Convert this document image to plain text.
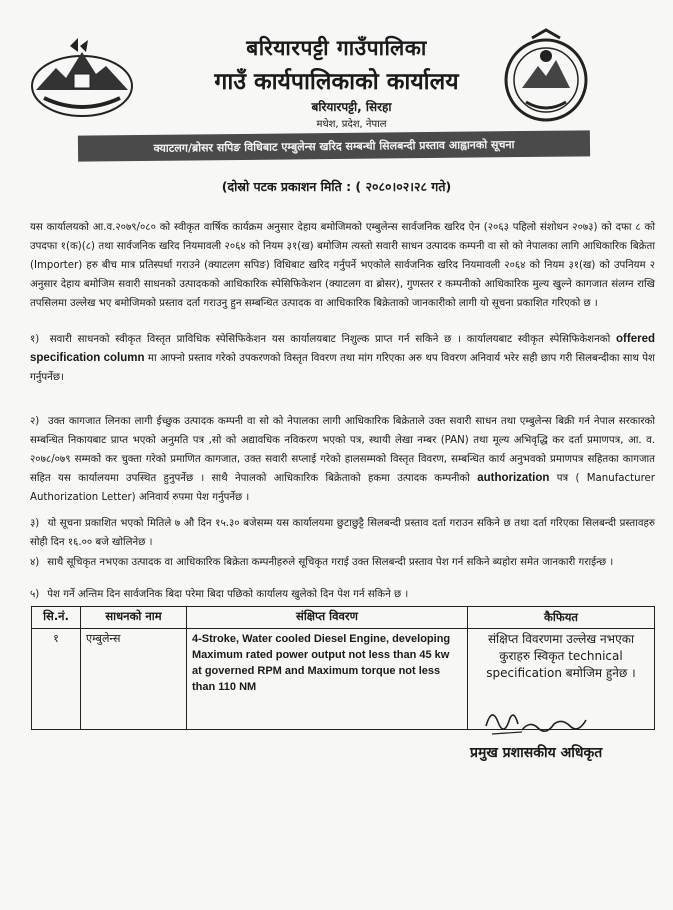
बरियारपट्टी गाउँपालिका
गाउँ कार्यपालिकाको कार्यालय
बरियारपट्टी, सिरहा
मधेश, प्रदेश, नेपाल
क्याटलग/ब्रोसर सपिङ विधिबाट एम्बुलेन्स खरिद सम्बन्धी सिलबन्दी प्रस्ताव आह्वानको सूचना
(दोस्रो पटक प्रकाशन मिति : ( २०८०।०२।२८ गते)
यस कार्यालयको आ.व.२०७९/०८० को स्वीकृत वार्षिक कार्यक्रम अनुसार देहाय बमोजिमको एम्बुलेन्स सार्वजनिक खरिद ऐन (२०६३ पहिलो संशोधन २०७३) को दफा ८ को उपदफा १(क)(८) तथा सार्वजनिक खरिद नियमावली २०६४ को नियम ३१(ख) बमोजिम त्यस्तो सवारी साधन उत्पादक कम्पनी वा सो को नेपालका लागि आधिकारिक बिक्रेता (Importer) हरु बीच मात्र प्रतिस्पर्धा गराउने (क्याटलग सपिङ) विधिबाट खरिद गर्नुपर्ने भएकोले सार्वजनिक खरिद नियमावली २०६४ को नियम ३१(ख) को उपनियम २ अनुसार देहाय बमोजिम सवारी साधनको उत्पादकको आधिकारिक स्पेसिफिकेशन (क्याटलग वा ब्रोसर), गुणस्तर र कम्पनीको आधिकारिक मुल्य खुल्ने कागजात संलग्न राखि तपसिलमा उल्लेख भए बमोजिमको प्रस्ताव दर्ता गराउनु हुन सम्बन्धित उत्पादक वा आधिकारिक बिक्रेताको जानकारीको लागी यो सूचना प्रकाशित गरिएको छ ।
१) सवारी साधनको स्वीकृत विस्तृत प्राविधिक स्पेसिफिकेशन यस कार्यालयबाट निशुल्क प्राप्त गर्न सकिने छ । कार्यालयबाट स्वीकृत स्पेसिफिकेशनको offered specification column मा आफ्नो प्रस्ताव गरेको उपकरणको विस्तृत विवरण तथा मांग गरिएका अरु थप विवरण अनिवार्य भरेर सही छाप गरी सिलबन्दीका साथ पेश गर्नुपर्नेछ।
२) उक्त कागजात लिनका लागी ईच्छुक उत्पादक कम्पनी वा सो को नेपालका लागी आधिकारिक बिक्रेताले उक्त सवारी साधन तथा एम्बुलेन्स बिक्री गर्न नेपाल सरकारको सम्बन्धित निकायबाट प्राप्त भएको अनुमति पत्र ,सो को अद्यावधिक नविकरण भएको पत्र, स्थायी लेखा नम्बर (PAN) तथा मूल्य अभिवृद्धि कर दर्ता प्रमाणपत्र, आ. व. २०७८/०७९ सम्मको कर चुक्ता गरेको प्रमाणित कागजात, उक्त सवारी सप्लाई गरेको हालसम्मको विस्तृत विवरण, सम्बन्धित कार्य अनुभवको प्रमाणपत्र सहितका कागजात सहित यस कार्यालयमा उपस्थित हुनुपर्नेछ । साथै नेपालको आधिकारिक बिक्रेताको हकमा उत्पादक कम्पनीको authorization पत्र ( Manufacturer Authorization Letter) अनिवार्य रुपमा पेश गर्नुपर्नेछ ।
३) यो सूचना प्रकाशित भएको मितिले ७ औ दिन १५.३० बजेसम्म यस कार्यालयमा छुटाछुट्टै सिलबन्दी प्रस्ताव दर्ता गराउन सकिने छ तथा दर्ता गरिएका सिलबन्दी प्रस्तावहरु सोही दिन १६.०० बजे खोलिनेछ ।
४) साथै सूचिकृत नभएका उत्पादक वा आधिकारिक बिक्रेता कम्पनीहरुले सूचिकृत गराई उक्त सिलबन्दी प्रस्ताव पेश गर्न सकिने ब्यहोरा समेत जानकारी गराईन्छ ।
५) पेश गर्ने अन्तिम दिन सार्वजनिक बिदा परेमा बिदा पछिको कार्यालय खुलेको दिन पेश गर्न सकिने छ ।
सि.नं.	साधनको नाम	संक्षिप्त विवरण	कैफियत
१	एम्बुलेन्स	4-Stroke, Water cooled Diesel Engine, developing Maximum rated power output not less than 45 kw at governed RPM and Maximum torque not less than 110 NM	संक्षिप्त विवरणमा उल्लेख नभएका कुराहरु स्विकृत technical specification बमोजिम हुनेछ ।
प्रमुख प्रशासकीय अधिकृत
